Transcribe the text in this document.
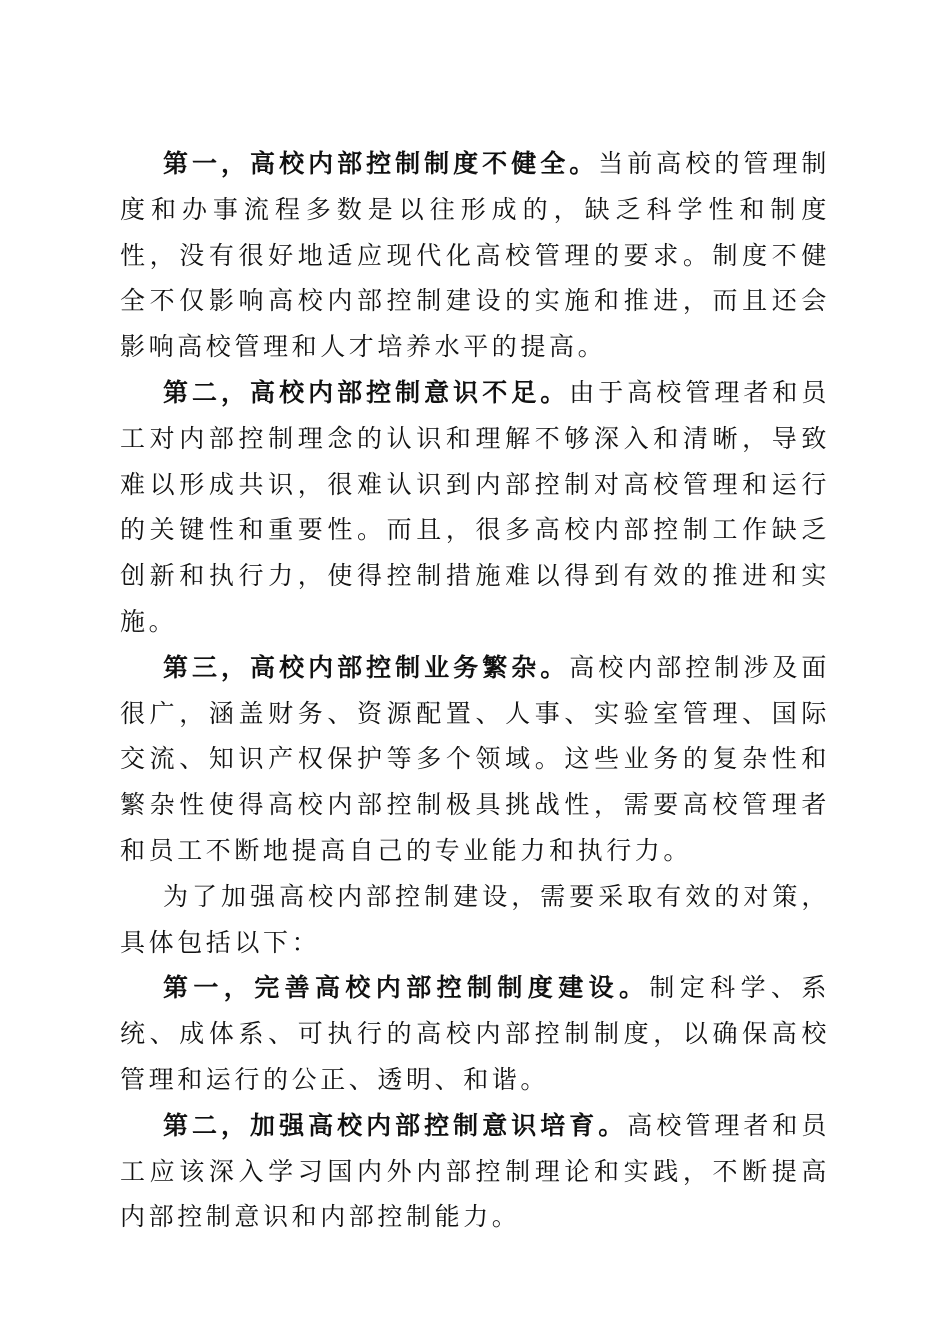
第一，高校内部控制制度不健全。当前高校的管理制度和办事流程多数是以往形成的，缺乏科学性和制度性，没有很好地适应现代化高校管理的要求。制度不健全不仅影响高校内部控制建设的实施和推进，而且还会影响高校管理和人才培养水平的提高。

第二，高校内部控制意识不足。由于高校管理者和员工对内部控制理念的认识和理解不够深入和清晰，导致难以形成共识，很难认识到内部控制对高校管理和运行的关键性和重要性。而且，很多高校内部控制工作缺乏创新和执行力，使得控制措施难以得到有效的推进和实施。

第三，高校内部控制业务繁杂。高校内部控制涉及面很广，涵盖财务、资源配置、人事、实验室管理、国际交流、知识产权保护等多个领域。这些业务的复杂性和繁杂性使得高校内部控制极具挑战性，需要高校管理者和员工不断地提高自己的专业能力和执行力。

为了加强高校内部控制建设，需要采取有效的对策，具体包括以下：

第一，完善高校内部控制制度建设。制定科学、系统、成体系、可执行的高校内部控制制度，以确保高校管理和运行的公正、透明、和谐。

第二，加强高校内部控制意识培育。高校管理者和员工应该深入学习国内外内部控制理论和实践，不断提高内部控制意识和内部控制能力。
